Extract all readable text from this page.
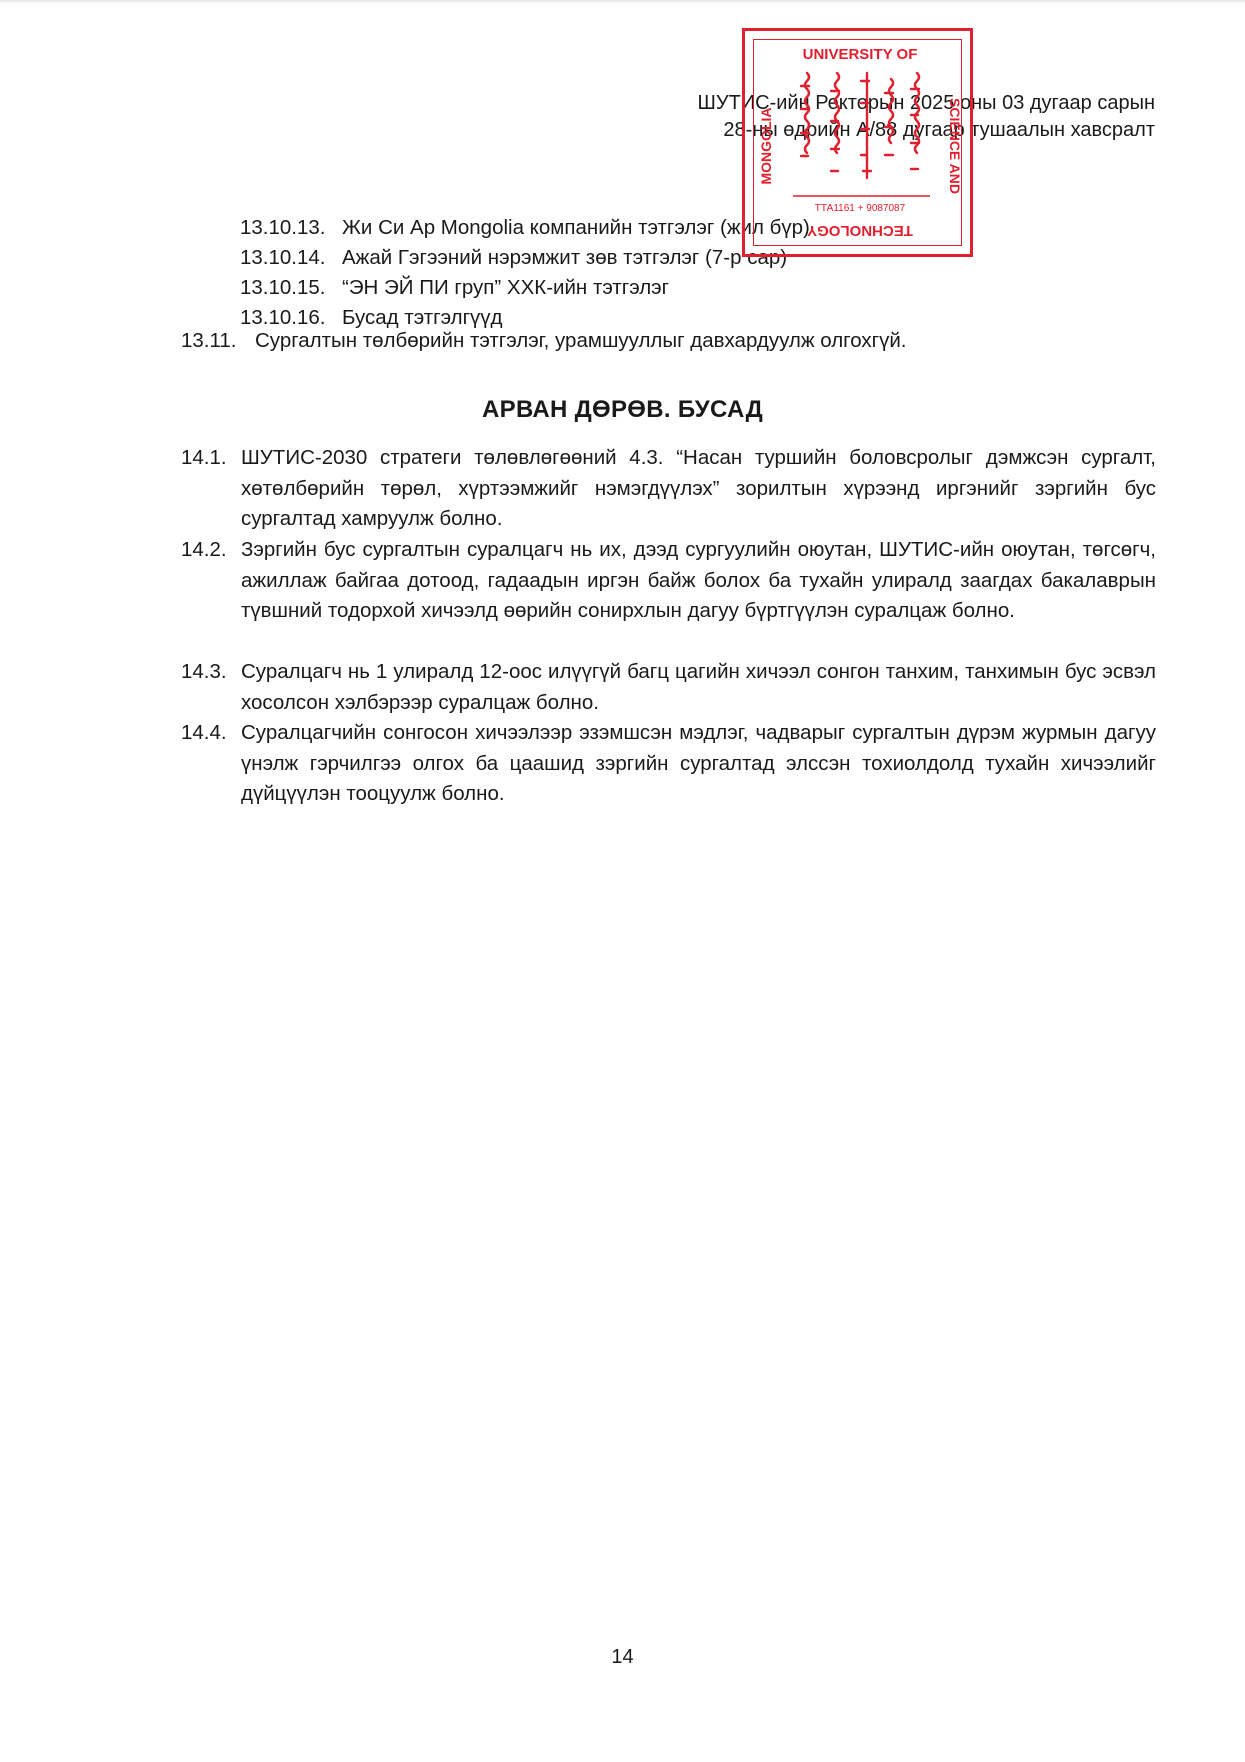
ШУТИС-ийн Ректорын 2025 оны 03 дугаар сарын
28-ны өдрийн А/88 дугаар тушаалын хавсралт
UNIVERSITY OF
TECHNOLOGY
MONGOLIA	SCIENCE AND
ТТА1161 + 9087087
13.10.13. Жи Си Ар Mongolia компанийн тэтгэлэг (жил бүр)
13.10.14. Ажай Гэгээний нэрэмжит зөв тэтгэлэг (7-р сар)
13.10.15. “ЭН ЭЙ ПИ груп” ХХК-ийн тэтгэлэг
13.10.16. Бусад тэтгэлгүүд
13.11. Сургалтын төлбөрийн тэтгэлэг, урамшууллыг давхардуулж олгохгүй.
АРВАН ДӨРӨВ. БУСАД
14.1. ШУТИС-2030 стратеги төлөвлөгөөний 4.3. “Насан туршийн боловсролыг дэмжсэн сургалт, хөтөлбөрийн төрөл, хүртээмжийг нэмэгдүүлэх” зорилтын хүрээнд иргэнийг зэргийн бус сургалтад хамруулж болно.
14.2. Зэргийн бус сургалтын суралцагч нь их, дээд сургуулийн оюутан, ШУТИС-ийн оюутан, төгсөгч, ажиллаж байгаа дотоод, гадаадын иргэн байж болох ба тухайн улиралд заагдах бакалаврын түвшний тодорхой хичээлд өөрийн сонирхлын дагуу бүртгүүлэн суралцаж болно.
14.3. Суралцагч нь 1 улиралд 12-оос илүүгүй багц цагийн хичээл сонгон танхим, танхимын бус эсвэл хосолсон хэлбэрээр суралцаж болно.
14.4. Суралцагчийн сонгосон хичээлээр эзэмшсэн мэдлэг, чадварыг сургалтын дүрэм журмын дагуу үнэлж гэрчилгээ олгох ба цаашид зэргийн сургалтад элссэн тохиолдолд тухайн хичээлийг дүйцүүлэн тооцуулж болно.
14
